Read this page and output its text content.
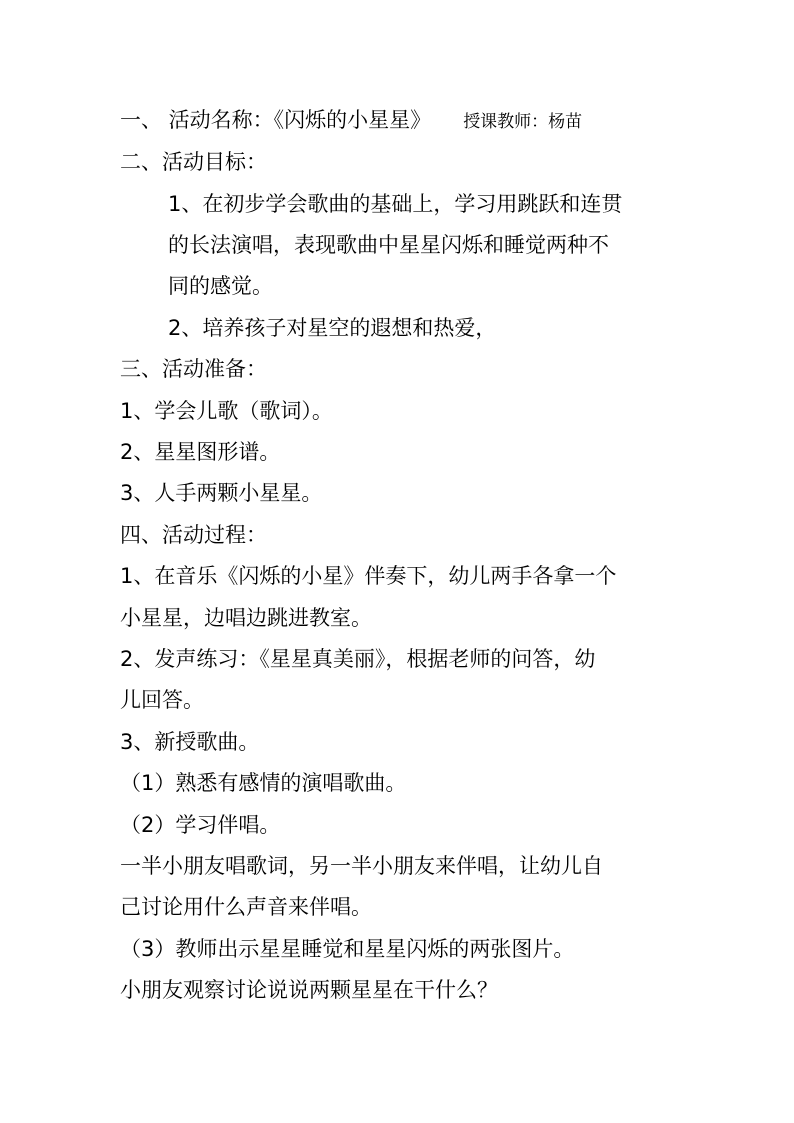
一、 活动名称：《闪烁的小星星》 授课教师：杨苗
二、活动目标：
1、在初步学会歌曲的基础上，学习用跳跃和连贯
的长法演唱，表现歌曲中星星闪烁和睡觉两种不
同的感觉。
2、培养孩子对星空的遐想和热爱，
三、活动准备：
1、学会儿歌（歌词）。
2、星星图形谱。
3、人手两颗小星星。
四、活动过程：
1、在音乐《闪烁的小星》伴奏下，幼儿两手各拿一个
小星星，边唱边跳进教室。
2、发声练习：《星星真美丽》，根据老师的问答，幼
儿回答。
3、新授歌曲。
（1）熟悉有感情的演唱歌曲。
（2）学习伴唱。
一半小朋友唱歌词，另一半小朋友来伴唱，让幼儿自
己讨论用什么声音来伴唱。
（3）教师出示星星睡觉和星星闪烁的两张图片。
小朋友观察讨论说说两颗星星在干什么？
